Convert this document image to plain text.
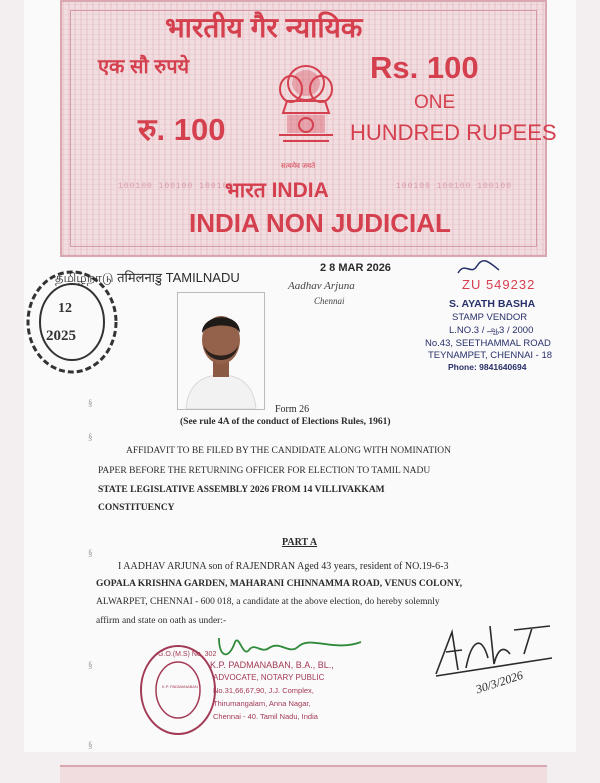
भारतीय गैर न्यायिक
एक सौ रुपये	Rs. 100
रु. 100
ONE
HUNDRED RUPEES
100100 100100 100100	100100 100100 100100
सत्यमेव जयते
भारत INDIA
INDIA NON JUDICIAL
12
2025
தமிழ்நாடு तमिलनाडु TAMILNADU
2 8 MAR 2026
Aadhav Arjuna
Chennai
ZU 549232
S. AYATH BASHA
STAMP VENDOR
L.NO.3 / ஆ3 / 2000
No.43, SEETHAMMAL ROAD
TEYNAMPET, CHENNAI - 18
Phone: 9841640694
Form 26
(See rule 4A of the conduct of Elections Rules, 1961)
AFFIDAVIT TO BE FILED BY THE CANDIDATE ALONG WITH NOMINATION
PAPER BEFORE THE RETURNING OFFICER FOR ELECTION TO TAMIL NADU
STATE LEGISLATIVE ASSEMBLY 2026 FROM 14 VILLIVAKKAM
CONSTITUENCY
PART A
I AADHAV ARJUNA son of RAJENDRAN Aged 43 years, resident of NO.19-6-3
GOPALA KRISHNA GARDEN, MAHARANI CHINNAMMA ROAD, VENUS COLONY,
ALWARPET, CHENNAI - 600 018, a candidate at the above election, do hereby solemnly
affirm and state on oath as under:-
G.O.(M.S) No. 302
K.P. PADMANABAN
K.P. PADMANABAN, B.A., BL.,
ADVOCATE, NOTARY PUBLIC
No.31,66,67,90, J.J. Complex,
Thirumangalam, Anna Nagar,
Chennai - 40. Tamil Nadu, India
30/3/2026
§
§
§
§
§
